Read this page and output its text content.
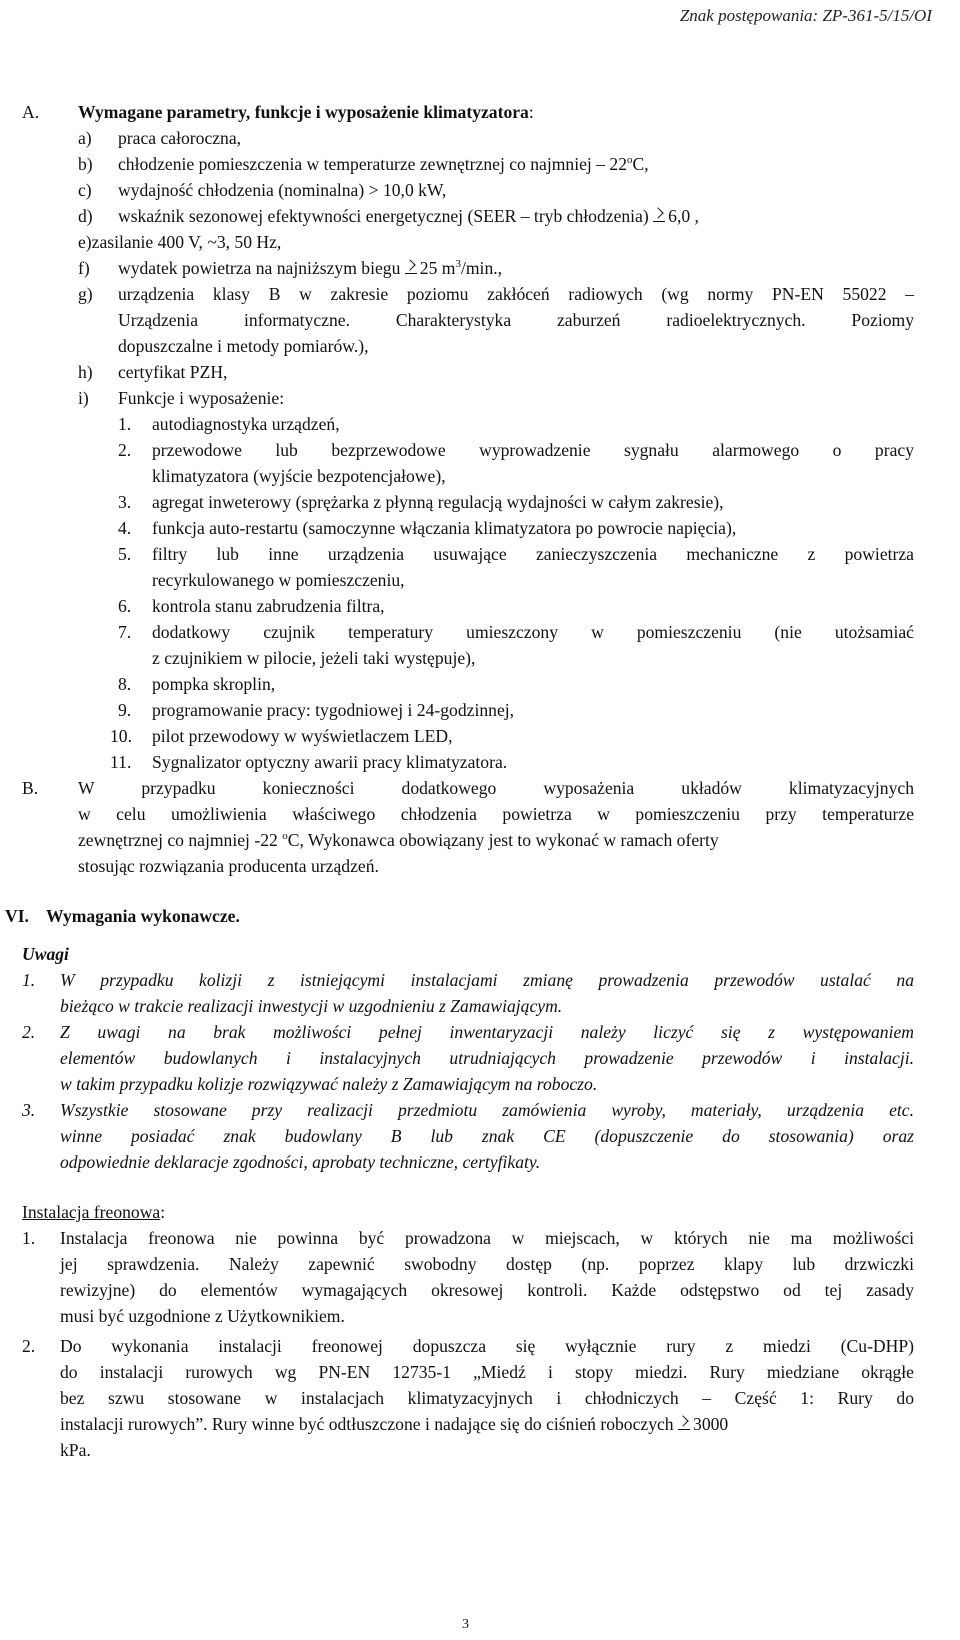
Znak postępowania: ZP-361-5/15/OI
A. Wymagane parametry, funkcje i wyposażenie klimatyzatora:
a) praca całoroczna,
b) chłodzenie pomieszczenia w temperaturze zewnętrznej co najmniej – 22$^o$C,
c) wydajność chłodzenia (nominalna) > 10,0 kW,
d) wskaźnik sezonowej efektywności energetycznej (SEER – tryb chłodzenia) 6,0 ,
e)zasilanie 400 V, ~3, 50 Hz,
f) wydatek powietrza na najniższym biegu 25 $m^3/\min$.,
g) urządzenia klasy B w zakresie poziomu zakłóceń radiowych (wg normy PN-EN 55022 –
Urządzenia informatyczne. Charakterystyka zaburzeń radioelektrycznych. Poziomy
dopuszczalne i metody pomiarów.),
h) certyfikat PZH,
i) Funkcje i wyposażenie:
1. autodiagnostyka urządzeń,
2. przewodowe lub bezprzewodowe wyprowadzenie sygnału alarmowego o pracy
klimatyzatora (wyjście bezpotencjałowe),
3. agregat inweterowy (sprężarka z płynną regulacją wydajności w całym zakresie),
4. funkcja auto-restartu (samoczynne włączania klimatyzatora po powrocie napięcia),
5. filtry lub inne urządzenia usuwające zanieczyszczenia mechaniczne z powietrza
recyrkulowanego w pomieszczeniu,
6. kontrola stanu zabrudzenia filtra,
7. dodatkowy czujnik temperatury umieszczony w pomieszczeniu (nie utożsamiać
z czujnikiem w pilocie, jeżeli taki występuje),
8. pompka skroplin,
9. programowanie pracy: tygodniowej i 24-godzinnej,
10. pilot przewodowy w wyświetlaczem LED,
11. Sygnalizator optyczny awarii pracy klimatyzatora.
B. W przypadku konieczności dodatkowego wyposażenia układów klimatyzacyjnych
w celu umożliwienia właściwego chłodzenia powietrza w pomieszczeniu przy temperaturze
zewnętrznej co najmniej -22 $^o$C, Wykonawca obowiązany jest to wykonać w ramach oferty
stosując rozwiązania producenta urządzeń.
VI. Wymagania wykonawcze.
Uwagi
1. W przypadku kolizji z istniejącymi instalacjami zmianę prowadzenia przewodów ustalać na
bieżąco w trakcie realizacji inwestycji w uzgodnieniu z Zamawiającym.
2. Z uwagi na brak możliwości pełnej inwentaryzacji należy liczyć się z występowaniem
elementów budowlanych i instalacyjnych utrudniających prowadzenie przewodów i instalacji.
w takim przypadku kolizje rozwiązywać należy z Zamawiającym na roboczo.
3. Wszystkie stosowane przy realizacji przedmiotu zamówienia wyroby, materiały, urządzenia etc.
winne posiadać znak budowlany B lub znak CE (dopuszczenie do stosowania) oraz
odpowiednie deklaracje zgodności, aprobaty techniczne, certyfikaty.
Instalacja freonowa:
1. Instalacja freonowa nie powinna być prowadzona w miejscach, w których nie ma możliwości
jej sprawdzenia. Należy zapewnić swobodny dostęp (np. poprzez klapy lub drzwiczki
rewizyjne) do elementów wymagających okresowej kontroli. Każde odstępstwo od tej zasady
musi być uzgodnione z Użytkownikiem.
2. Do wykonania instalacji freonowej dopuszcza się wyłącznie rury z miedzi (Cu-DHP)
do instalacji rurowych wg PN-EN 12735-1 „Miedź i stopy miedzi. Rury miedziane okrągłe
bez szwu stosowane w instalacjach klimatyzacyjnych i chłodniczych – Część 1: Rury do
instalacji rurowych”. Rury winne być odtłuszczone i nadające się do ciśnień roboczych 3000
kPa.
3
